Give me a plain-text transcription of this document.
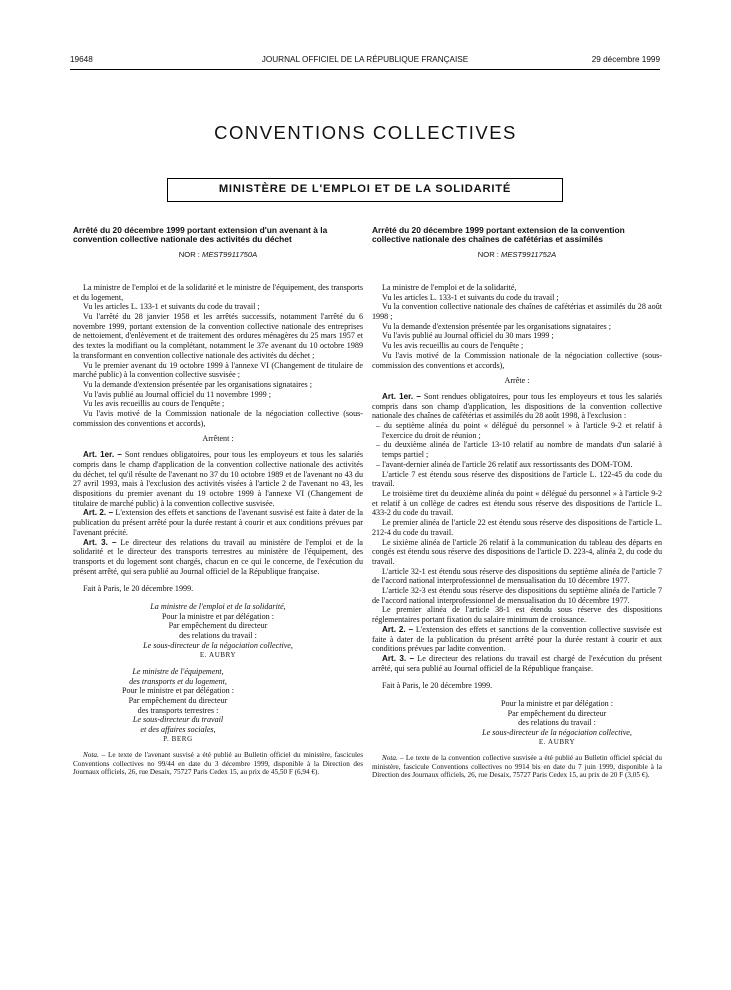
19648	JOURNAL OFFICIEL DE LA RÉPUBLIQUE FRANÇAISE	29 décembre 1999
CONVENTIONS COLLECTIVES
MINISTÈRE DE L'EMPLOI ET DE LA SOLIDARITÉ
Arrêté du 20 décembre 1999 portant extension d'un avenant à la convention collective nationale des activités du déchet
NOR : MEST9911750A

La ministre de l'emploi et de la solidarité et le ministre de l'équipement, des transports et du logement,

Vu les articles L. 133-1 et suivants du code du travail ;

Vu l'arrêté du 28 janvier 1958 et les arrêtés successifs, notamment l'arrêté du 6 novembre 1999, portant extension de la convention collective nationale des entreprises de nettoiement, d'enlèvement et de traitement des ordures ménagères du 25 mars 1957 et des textes la modifiant ou la complétant, notamment le 37e avenant du 10 octobre 1989 la transformant en convention collective nationale des activités du déchet ;

Vu le premier avenant du 19 octobre 1999 à l'annexe VI (Changement de titulaire de marché public) à la convention collective susvisée ;

Vu la demande d'extension présentée par les organisations signataires ;

Vu l'avis publié au Journal officiel du 11 novembre 1999 ;

Vu les avis recueillis au cours de l'enquête ;

Vu l'avis motivé de la Commission nationale de la négociation collective (sous-commission des conventions et accords),

Arrêtent :

Art. 1er. – Sont rendues obligatoires, pour tous les employeurs et tous les salariés compris dans le champ d'application de la convention collective nationale des activités du déchet, tel qu'il résulte de l'avenant no 37 du 10 octobre 1989 et de l'avenant no 43 du 27 avril 1993, mais à l'exclusion des activités visées à l'article 2 de l'avenant no 43, les dispositions du premier avenant du 19 octobre 1999 à l'annexe VI (Changement de titulaire de marché public) à la convention collective susvisée.

Art. 2. – L'extension des effets et sanctions de l'avenant susvisé est faite à dater de la publication du présent arrêté pour la durée restant à courir et aux conditions prévues par l'avenant précité.

Art. 3. – Le directeur des relations du travail au ministère de l'emploi et de la solidarité et le directeur des transports terrestres au ministère de l'équipement, des transports et du logement sont chargés, chacun en ce qui le concerne, de l'exécution du présent arrêté, qui sera publié au Journal officiel de la République française.

Fait à Paris, le 20 décembre 1999.

La ministre de l'emploi et de la solidarité,

Pour la ministre et par délégation :

Par empêchement du directeur

des relations du travail :

Le sous-directeur de la négociation collective,

E. AUBRY

Le ministre de l'équipement,

des transports et du logement,

Pour le ministre et par délégation :

Par empêchement du directeur

des transports terrestres :

Le sous-directeur du travail

et des affaires sociales,

P. BERG

Nota. – Le texte de l'avenant susvisé a été publié au Bulletin officiel du ministère, fascicules Conventions collectives no 99/44 en date du 3 décembre 1999, disponible à la Direction des Journaux officiels, 26, rue Desaix, 75727 Paris Cedex 15, au prix de 45,50 F (6,94 €).

Arrêté du 20 décembre 1999 portant extension de la convention collective nationale des chaînes de cafétérias et assimilés
NOR : MEST9911752A

La ministre de l'emploi et de la solidarité,

Vu les articles L. 133-1 et suivants du code du travail ;

Vu la convention collective nationale des chaînes de cafétérias et assimilés du 28 août 1998 ;

Vu la demande d'extension présentée par les organisations signataires ;

Vu l'avis publié au Journal officiel du 30 mars 1999 ;

Vu les avis recueillis au cours de l'enquête ;

Vu l'avis motivé de la Commission nationale de la négociation collective (sous-commission des conventions et accords),

Arrête :

Art. 1er. – Sont rendues obligatoires, pour tous les employeurs et tous les salariés compris dans son champ d'application, les dispositions de la convention collective nationale des chaînes de cafétérias et assimilés du 28 août 1998, à l'exclusion :

– du septième alinéa du point « délégué du personnel » à l'article 9-2 et relatif à l'exercice du droit de réunion ;

– du deuxième alinéa de l'article 13-10 relatif au nombre de mandats d'un salarié à temps partiel ;

– l'avant-dernier alinéa de l'article 26 relatif aux ressortissants des DOM-TOM.

L'article 7 est étendu sous réserve des dispositions de l'article L. 122-45 du code du travail.

Le troisième tiret du deuxième alinéa du point « délégué du personnel » à l'article 9-2 et relatif à un collège de cadres est étendu sous réserve des dispositions de l'article L. 433-2 du code du travail.

Le premier alinéa de l'article 22 est étendu sous réserve des dispositions de l'article L. 212-4 du code du travail.

Le sixième alinéa de l'article 26 relatif à la communication du tableau des départs en congés est étendu sous réserve des dispositions de l'article D. 223-4, alinéa 2, du code du travail.

L'article 32-1 est étendu sous réserve des dispositions du septième alinéa de l'article 7 de l'accord national interprofessionnel de mensualisation du 10 décembre 1977.

L'article 32-3 est étendu sous réserve des dispositions du septième alinéa de l'article 7 de l'accord national interprofessionnel de mensualisation du 10 décembre 1977.

Le premier alinéa de l'article 38-1 est étendu sous réserve des dispositions réglementaires portant fixation du salaire minimum de croissance.

Art. 2. – L'extension des effets et sanctions de la convention collective susvisée est faite à dater de la publication du présent arrêté pour la durée restant à courir et aux conditions prévues par ladite convention.

Art. 3. – Le directeur des relations du travail est chargé de l'exécution du présent arrêté, qui sera publié au Journal officiel de la République française.

Fait à Paris, le 20 décembre 1999.

Pour la ministre et par délégation :

Par empêchement du directeur

des relations du travail :

Le sous-directeur de la négociation collective,

E. AUBRY

Nota. – Le texte de la convention collective susvisée a été publié au Bulletin officiel spécial du ministère, fascicule Conventions collectives no 9914 bis en date du 7 juin 1999, disponible à la Direction des Journaux officiels, 26, rue Desaix, 75727 Paris Cedex 15, au prix de 20 F (3,05 €).
